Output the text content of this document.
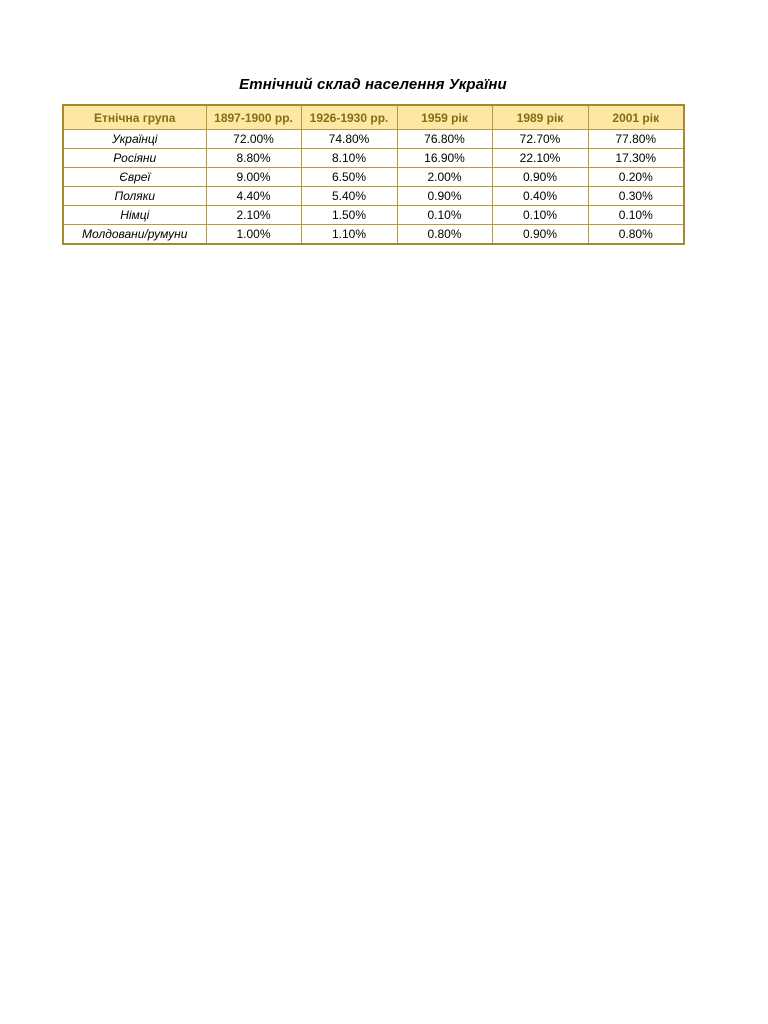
Етнічний склад населення України
Етнічна група	1897-1900 рр.	1926-1930 рр.	1959 рік	1989 рік	2001 рік
Українці	72.00%	74.80%	76.80%	72.70%	77.80%
Росіяни	8.80%	8.10%	16.90%	22.10%	17.30%
Євреї	9.00%	6.50%	2.00%	0.90%	0.20%
Поляки	4.40%	5.40%	0.90%	0.40%	0.30%
Німці	2.10%	1.50%	0.10%	0.10%	0.10%
Молдовани/румуни	1.00%	1.10%	0.80%	0.90%	0.80%
